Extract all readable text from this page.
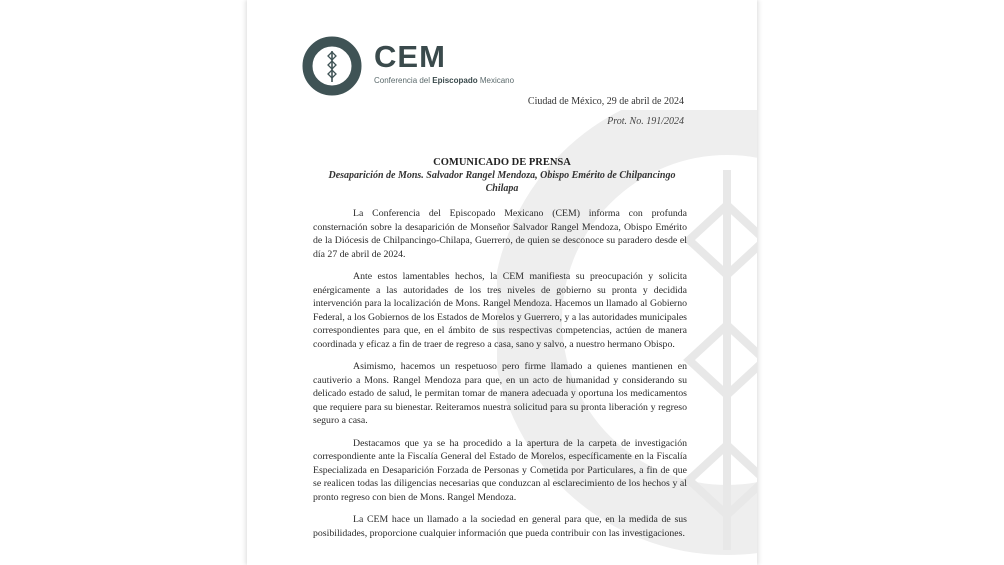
CEM
Conferencia del Episcopado Mexicano
Ciudad de México, 29 de abril de 2024
Prot. No. 191/2024
COMUNICADO DE PRENSA
Desaparición de Mons. Salvador Rangel Mendoza, Obispo Emérito de Chilpancingo Chilapa

La Conferencia del Episcopado Mexicano (CEM) informa con profunda consternación sobre la desaparición de Monseñor Salvador Rangel Mendoza, Obispo Emérito de la Diócesis de Chilpancingo-Chilapa, Guerrero, de quien se desconoce su paradero desde el día 27 de abril de 2024.

Ante estos lamentables hechos, la CEM manifiesta su preocupación y solicita enérgicamente a las autoridades de los tres niveles de gobierno su pronta y decidida intervención para la localización de Mons. Rangel Mendoza. Hacemos un llamado al Gobierno Federal, a los Gobiernos de los Estados de Morelos y Guerrero, y a las autoridades municipales correspondientes para que, en el ámbito de sus respectivas competencias, actúen de manera coordinada y eficaz a fin de traer de regreso a casa, sano y salvo, a nuestro hermano Obispo.

Asimismo, hacemos un respetuoso pero firme llamado a quienes mantienen en cautiverio a Mons. Rangel Mendoza para que, en un acto de humanidad y considerando su delicado estado de salud, le permitan tomar de manera adecuada y oportuna los medicamentos que requiere para su bienestar. Reiteramos nuestra solicitud para su pronta liberación y regreso seguro a casa.

Destacamos que ya se ha procedido a la apertura de la carpeta de investigación correspondiente ante la Fiscalía General del Estado de Morelos, específicamente en la Fiscalía Especializada en Desaparición Forzada de Personas y Cometida por Particulares, a fin de que se realicen todas las diligencias necesarias que conduzcan al esclarecimiento de los hechos y al pronto regreso con bien de Mons. Rangel Mendoza.

La CEM hace un llamado a la sociedad en general para que, en la medida de sus posibilidades, proporcione cualquier información que pueda contribuir con las investigaciones.
